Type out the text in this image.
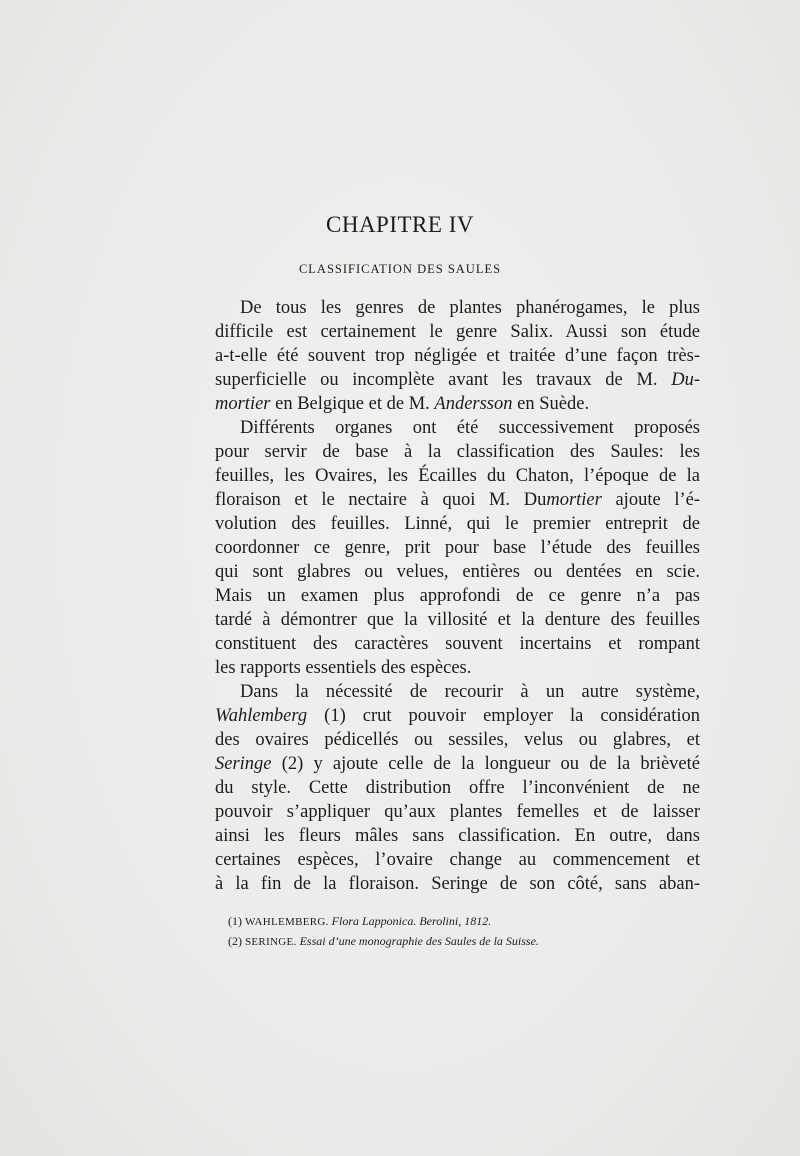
CHAPITRE IV
CLASSIFICATION DES SAULES
De tous les genres de plantes phanérogames, le plus
difficile est certainement le genre Salix. Aussi son étude
a-t-elle été souvent trop négligée et traitée d’une façon très-
superficielle ou incomplète avant les travaux de M. Du-
mortier en Belgique et de M. Andersson en Suède.
Différents organes ont été successivement proposés
pour servir de base à la classification des Saules: les
feuilles, les Ovaires, les Écailles du Chaton, l’époque de la
floraison et le nectaire à quoi M. Dumortier ajoute l’é-
volution des feuilles. Linné, qui le premier entreprit de
coordonner ce genre, prit pour base l’étude des feuilles
qui sont glabres ou velues, entières ou dentées en scie.
Mais un examen plus approfondi de ce genre n’a pas
tardé à démontrer que la villosité et la denture des feuilles
constituent des caractères souvent incertains et rompant
les rapports essentiels des espèces.
Dans la nécessité de recourir à un autre système,
Wahlemberg (1) crut pouvoir employer la considération
des ovaires pédicellés ou sessiles, velus ou glabres, et
Seringe (2) y ajoute celle de la longueur ou de la brièveté
du style. Cette distribution offre l’inconvénient de ne
pouvoir s’appliquer qu’aux plantes femelles et de laisser
ainsi les fleurs mâles sans classification. En outre, dans
certaines espèces, l’ovaire change au commencement et
à la fin de la floraison. Seringe de son côté, sans aban-
(1) WAHLEMBERG. Flora Lapponica. Berolini, 1812.
(2) SERINGE. Essai d’une monographie des Saules de la Suisse.
